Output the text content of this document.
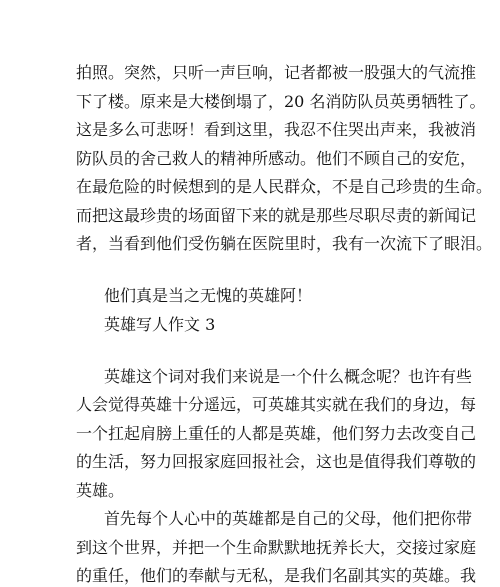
拍照。突然，只听一声巨响，记者都被一股强大的气流推
下了楼。原来是大楼倒塌了，20 名消防队员英勇牺牲了。
这是多么可悲呀！看到这里，我忍不住哭出声来，我被消
防队员的舍己救人的精神所感动。他们不顾自己的安危，
在最危险的时候想到的是人民群众，不是自己珍贵的生命。
而把这最珍贵的场面留下来的就是那些尽职尽责的新闻记
者，当看到他们受伤躺在医院里时，我有一次流下了眼泪。
他们真是当之无愧的英雄阿！
英雄写人作文 3
英雄这个词对我们来说是一个什么概念呢？也许有些
人会觉得英雄十分遥远，可英雄其实就在我们的身边，每
一个扛起肩膀上重任的人都是英雄，他们努力去改变自己
的生活，努力回报家庭回报社会，这也是值得我们尊敬的
英雄。
首先每个人心中的英雄都是自己的父母，他们把你带
到这个世界，并把一个生命默默地抚养长大，交接过家庭
的重任，他们的奉献与无私，是我们名副其实的英雄。我
